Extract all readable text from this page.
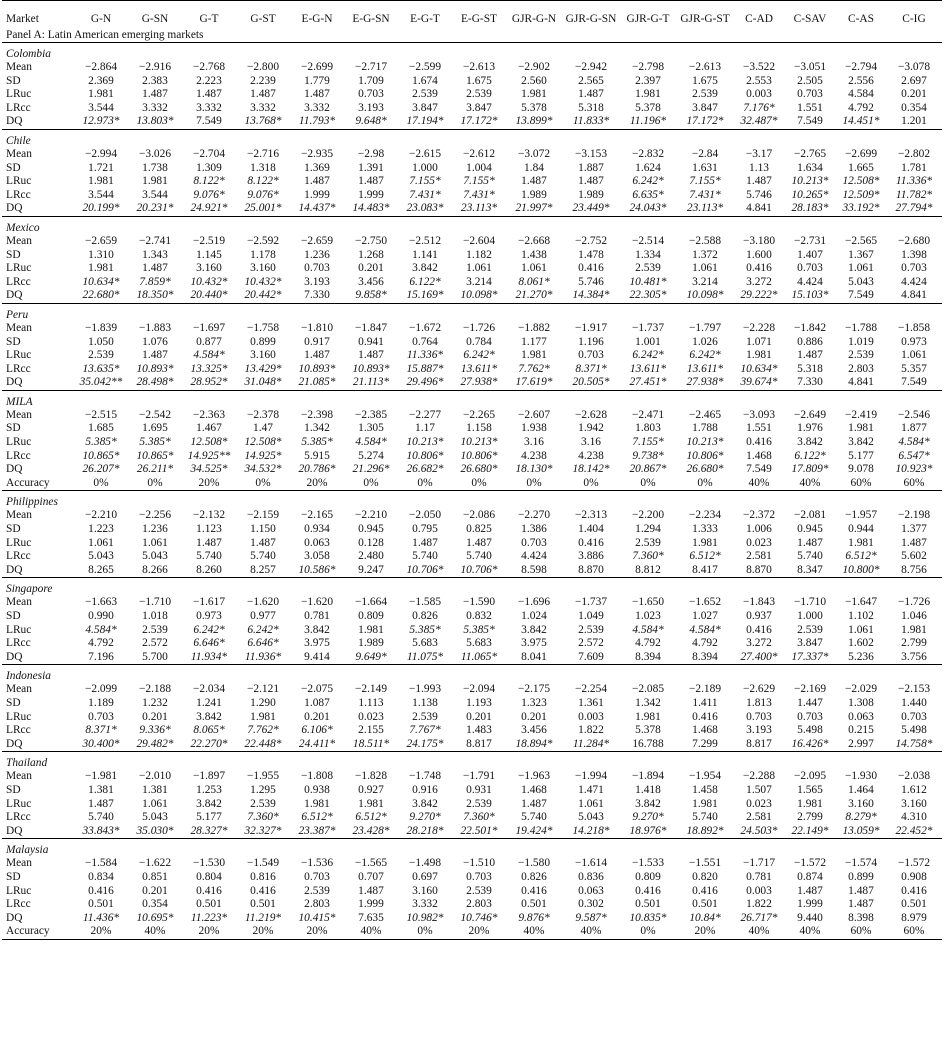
Market	G-N	G-SN	G-T	G-ST	E-G-N	E-G-SN	E-G-T	E-G-ST	GJR-G-N	GJR-G-SN	GJR-G-T	GJR-G-ST	C-AD	C-SAV	C-AS	C-IG
Panel A: Latin American emerging markets																
Colombia																
Mean	−2.864	−2.916	−2.768	−2.800	−2.699	−2.717	−2.599	−2.613	−2.902	−2.942	−2.798	−2.613	−3.522	−3.051	−2.794	−3.078
SD	2.369	2.383	2.223	2.239	1.779	1.709	1.674	1.675	2.560	2.565	2.397	1.675	2.553	2.505	2.556	2.697
LRuc	1.981	1.487	1.487	1.487	1.487	0.703	2.539	2.539	1.981	1.487	1.981	2.539	0.003	0.703	4.584	0.201
LRcc	3.544	3.332	3.332	3.332	3.332	3.193	3.847	3.847	5.378	5.318	5.378	3.847	7.176*	1.551	4.792	0.354
DQ	12.973*	13.803*	7.549	13.768*	11.793*	9.648*	17.194*	17.172*	13.899*	11.833*	11.196*	17.172*	32.487*	7.549	14.451*	1.201
Chile																
Mean	−2.994	−3.026	−2.704	−2.716	−2.935	−2.98	−2.615	−2.612	−3.072	−3.153	−2.832	−2.84	−3.17	−2.765	−2.699	−2.802
SD	1.721	1.738	1.309	1.318	1.369	1.391	1.000	1.004	1.84	1.887	1.624	1.631	1.13	1.634	1.665	1.781
LRuc	1.981	1.981	8.122*	8.122*	1.487	1.487	7.155*	7.155*	1.487	1.487	6.242*	7.155*	1.487	10.213*	12.508*	11.336*
LRcc	3.544	3.544	9.076*	9.076*	1.999	1.999	7.431*	7.431*	1.989	1.989	6.635*	7.431*	5.746	10.265*	12.509*	11.782*
DQ	20.199*	20.231*	24.921*	25.001*	14.437*	14.483*	23.083*	23.113*	21.997*	23.449*	24.043*	23.113*	4.841	28.183*	33.192*	27.794*
Mexico																
Mean	−2.659	−2.741	−2.519	−2.592	−2.659	−2.750	−2.512	−2.604	−2.668	−2.752	−2.514	−2.588	−3.180	−2.731	−2.565	−2.680
SD	1.310	1.343	1.145	1.178	1.236	1.268	1.141	1.182	1.438	1.478	1.334	1.372	1.600	1.407	1.367	1.398
LRuc	1.981	1.487	3.160	3.160	0.703	0.201	3.842	1.061	1.061	0.416	2.539	1.061	0.416	0.703	1.061	0.703
LRcc	10.634*	7.859*	10.432*	10.432*	3.193	3.456	6.122*	3.214	8.061*	5.746	10.481*	3.214	3.272	4.424	5.043	4.424
DQ	22.680*	18.350*	20.440*	20.442*	7.330	9.858*	15.169*	10.098*	21.270*	14.384*	22.305*	10.098*	29.222*	15.103*	7.549	4.841
Peru																
Mean	−1.839	−1.883	−1.697	−1.758	−1.810	−1.847	−1.672	−1.726	−1.882	−1.917	−1.737	−1.797	−2.228	−1.842	−1.788	−1.858
SD	1.050	1.076	0.877	0.899	0.917	0.941	0.764	0.784	1.177	1.196	1.001	1.026	1.071	0.886	1.019	0.973
LRuc	2.539	1.487	4.584*	3.160	1.487	1.487	11.336*	6.242*	1.981	0.703	6.242*	6.242*	1.981	1.487	2.539	1.061
LRcc	13.635*	10.893*	13.325*	13.429*	10.893*	10.893*	15.887*	13.611*	7.762*	8.371*	13.611*	13.611*	10.634*	5.318	2.803	5.357
DQ	35.042**	28.498*	28.952*	31.048*	21.085*	21.113*	29.496*	27.938*	17.619*	20.505*	27.451*	27.938*	39.674*	7.330	4.841	7.549
MILA																
Mean	−2.515	−2.542	−2.363	−2.378	−2.398	−2.385	−2.277	−2.265	−2.607	−2.628	−2.471	−2.465	−3.093	−2.649	−2.419	−2.546
SD	1.685	1.695	1.467	1.47	1.342	1.305	1.17	1.158	1.938	1.942	1.803	1.788	1.551	1.976	1.981	1.877
LRuc	5.385*	5.385*	12.508*	12.508*	5.385*	4.584*	10.213*	10.213*	3.16	3.16	7.155*	10.213*	0.416	3.842	3.842	4.584*
LRcc	10.865*	10.865*	14.925**	14.925*	5.915	5.274	10.806*	10.806*	4.238	4.238	9.738*	10.806*	1.468	6.122*	5.177	6.547*
DQ	26.207*	26.211*	34.525*	34.532*	20.786*	21.296*	26.682*	26.680*	18.130*	18.142*	20.867*	26.680*	7.549	17.809*	9.078	10.923*
Accuracy	0%	0%	20%	0%	20%	0%	0%	0%	0%	0%	0%	0%	40%	40%	60%	60%
Philippines																
Mean	−2.210	−2.256	−2.132	−2.159	−2.165	−2.210	−2.050	−2.086	−2.270	−2.313	−2.200	−2.234	−2.372	−2.081	−1.957	−2.198
SD	1.223	1.236	1.123	1.150	0.934	0.945	0.795	0.825	1.386	1.404	1.294	1.333	1.006	0.945	0.944	1.377
LRuc	1.061	1.061	1.487	1.487	0.063	0.128	1.487	1.487	0.703	0.416	2.539	1.981	0.023	1.487	1.981	1.487
LRcc	5.043	5.043	5.740	5.740	3.058	2.480	5.740	5.740	4.424	3.886	7.360*	6.512*	2.581	5.740	6.512*	5.602
DQ	8.265	8.266	8.260	8.257	10.586*	9.247	10.706*	10.706*	8.598	8.870	8.812	8.417	8.870	8.347	10.800*	8.756
Singapore																
Mean	−1.663	−1.710	−1.617	−1.620	−1.620	−1.664	−1.585	−1.590	−1.696	−1.737	−1.650	−1.652	−1.843	−1.710	−1.647	−1.726
SD	0.990	1.018	0.973	0.977	0.781	0.809	0.826	0.832	1.024	1.049	1.023	1.027	0.937	1.000	1.102	1.046
LRuc	4.584*	2.539	6.242*	6.242*	3.842	1.981	5.385*	5.385*	3.842	2.539	4.584*	4.584*	0.416	2.539	1.061	1.981
LRcc	4.792	2.572	6.646*	6.646*	3.975	1.989	5.683	5.683	3.975	2.572	4.792	4.792	3.272	3.847	1.602	2.799
DQ	7.196	5.700	11.934*	11.936*	9.414	9.649*	11.075*	11.065*	8.041	7.609	8.394	8.394	27.400*	17.337*	5.236	3.756
Indonesia																
Mean	−2.099	−2.188	−2.034	−2.121	−2.075	−2.149	−1.993	−2.094	−2.175	−2.254	−2.085	−2.189	−2.629	−2.169	−2.029	−2.153
SD	1.189	1.232	1.241	1.290	1.087	1.113	1.138	1.193	1.323	1.361	1.342	1.411	1.813	1.447	1.308	1.440
LRuc	0.703	0.201	3.842	1.981	0.201	0.023	2.539	0.201	0.201	0.003	1.981	0.416	0.703	0.703	0.063	0.703
LRcc	8.371*	9.336*	8.065*	7.762*	6.106*	2.155	7.767*	1.483	3.456	1.822	5.378	1.468	3.193	5.498	0.215	5.498
DQ	30.400*	29.482*	22.270*	22.448*	24.411*	18.511*	24.175*	8.817	18.894*	11.284*	16.788	7.299	8.817	16.426*	2.997	14.758*
Thailand																
Mean	−1.981	−2.010	−1.897	−1.955	−1.808	−1.828	−1.748	−1.791	−1.963	−1.994	−1.894	−1.954	−2.288	−2.095	−1.930	−2.038
SD	1.381	1.381	1.253	1.295	0.938	0.927	0.916	0.931	1.468	1.471	1.418	1.458	1.507	1.565	1.464	1.612
LRuc	1.487	1.061	3.842	2.539	1.981	1.981	3.842	2.539	1.487	1.061	3.842	1.981	0.023	1.981	3.160	3.160
LRcc	5.740	5.043	5.177	7.360*	6.512*	6.512*	9.270*	7.360*	5.740	5.043	9.270*	5.740	2.581	2.799	8.279*	4.310
DQ	33.843*	35.030*	28.327*	32.327*	23.387*	23.428*	28.218*	22.501*	19.424*	14.218*	18.976*	18.892*	24.503*	22.149*	13.059*	22.452*
Malaysia																
Mean	−1.584	−1.622	−1.530	−1.549	−1.536	−1.565	−1.498	−1.510	−1.580	−1.614	−1.533	−1.551	−1.717	−1.572	−1.574	−1.572
SD	0.834	0.851	0.804	0.816	0.703	0.707	0.697	0.703	0.826	0.836	0.809	0.820	0.781	0.874	0.899	0.908
LRuc	0.416	0.201	0.416	0.416	2.539	1.487	3.160	2.539	0.416	0.063	0.416	0.416	0.003	1.487	1.487	0.416
LRcc	0.501	0.354	0.501	0.501	2.803	1.999	3.332	2.803	0.501	0.302	0.501	0.501	1.822	1.999	1.487	0.501
DQ	11.436*	10.695*	11.223*	11.219*	10.415*	7.635	10.982*	10.746*	9.876*	9.587*	10.835*	10.84*	26.717*	9.440	8.398	8.979
Accuracy	20%	40%	20%	20%	20%	40%	0%	20%	40%	40%	0%	20%	40%	40%	60%	60%
